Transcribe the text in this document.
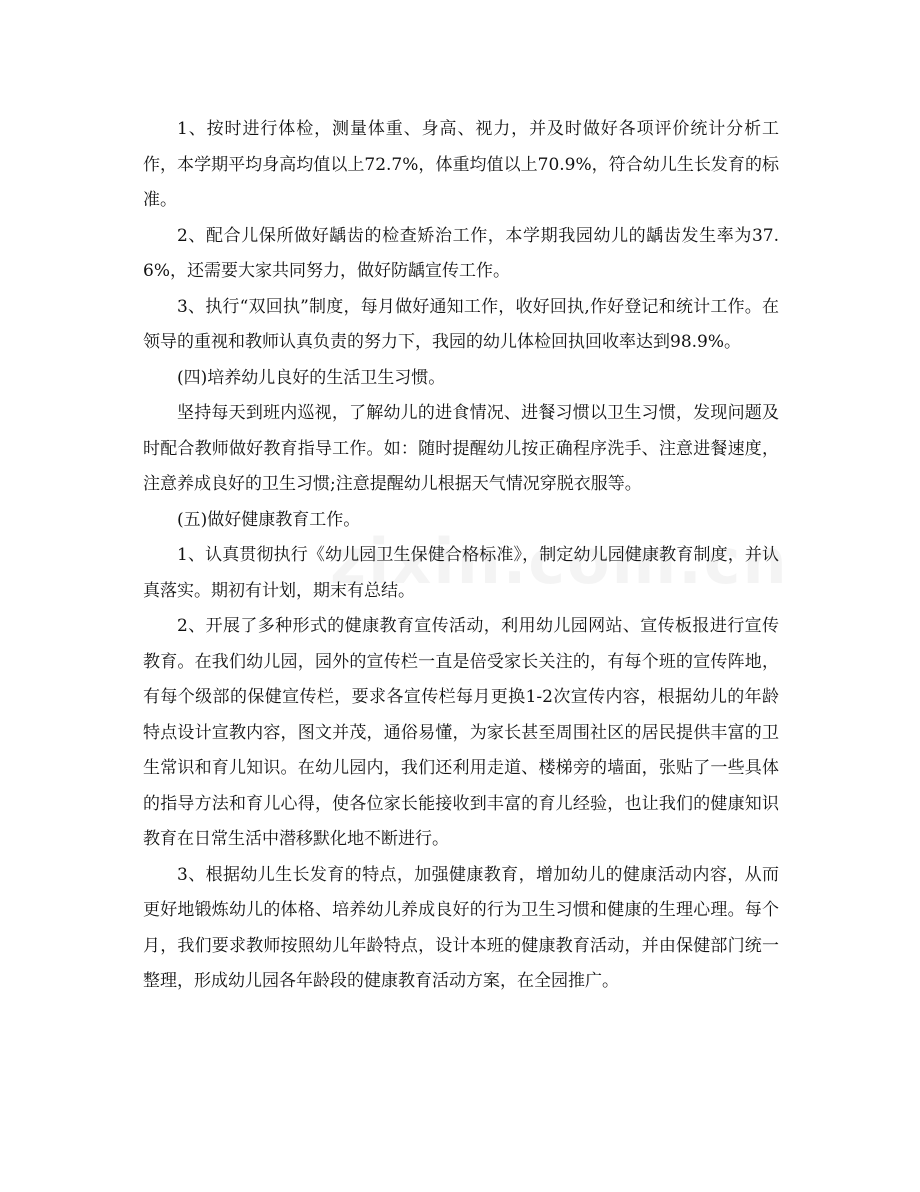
1、按时进行体检，测量体重、身高、视力，并及时做好各项评价统计分析工作，本学期平均身高均值以上72.7%，体重均值以上70.9%，符合幼儿生长发育的标准。

2、配合儿保所做好龋齿的检查矫治工作，本学期我园幼儿的龋齿发生率为37.6%，还需要大家共同努力，做好防龋宣传工作。

3、执行“双回执”制度，每月做好通知工作，收好回执,作好登记和统计工作。在领导的重视和教师认真负责的努力下，我园的幼儿体检回执回收率达到98.9%。

(四)培养幼儿良好的生活卫生习惯。

坚持每天到班内巡视，了解幼儿的进食情况、进餐习惯以卫生习惯，发现问题及时配合教师做好教育指导工作。如：随时提醒幼儿按正确程序洗手、注意进餐速度，注意养成良好的卫生习惯;注意提醒幼儿根据天气情况穿脱衣服等。

(五)做好健康教育工作。

1、认真贯彻执行《幼儿园卫生保健合格标准》，制定幼儿园健康教育制度，并认真落实。期初有计划，期末有总结。

2、开展了多种形式的健康教育宣传活动，利用幼儿园网站、宣传板报进行宣传教育。在我们幼儿园，园外的宣传栏一直是倍受家长关注的，有每个班的宣传阵地，有每个级部的保健宣传栏，要求各宣传栏每月更换1-2次宣传内容，根据幼儿的年龄特点设计宣教内容，图文并茂，通俗易懂，为家长甚至周围社区的居民提供丰富的卫生常识和育儿知识。在幼儿园内，我们还利用走道、楼梯旁的墙面，张贴了一些具体的指导方法和育儿心得，使各位家长能接收到丰富的育儿经验，也让我们的健康知识教育在日常生活中潜移默化地不断进行。

3、根据幼儿生长发育的特点，加强健康教育，增加幼儿的健康活动内容，从而更好地锻炼幼儿的体格、培养幼儿养成良好的行为卫生习惯和健康的生理心理。每个月，我们要求教师按照幼儿年龄特点，设计本班的健康教育活动，并由保健部门统一整理，形成幼儿园各年龄段的健康教育活动方案，在全园推广。
